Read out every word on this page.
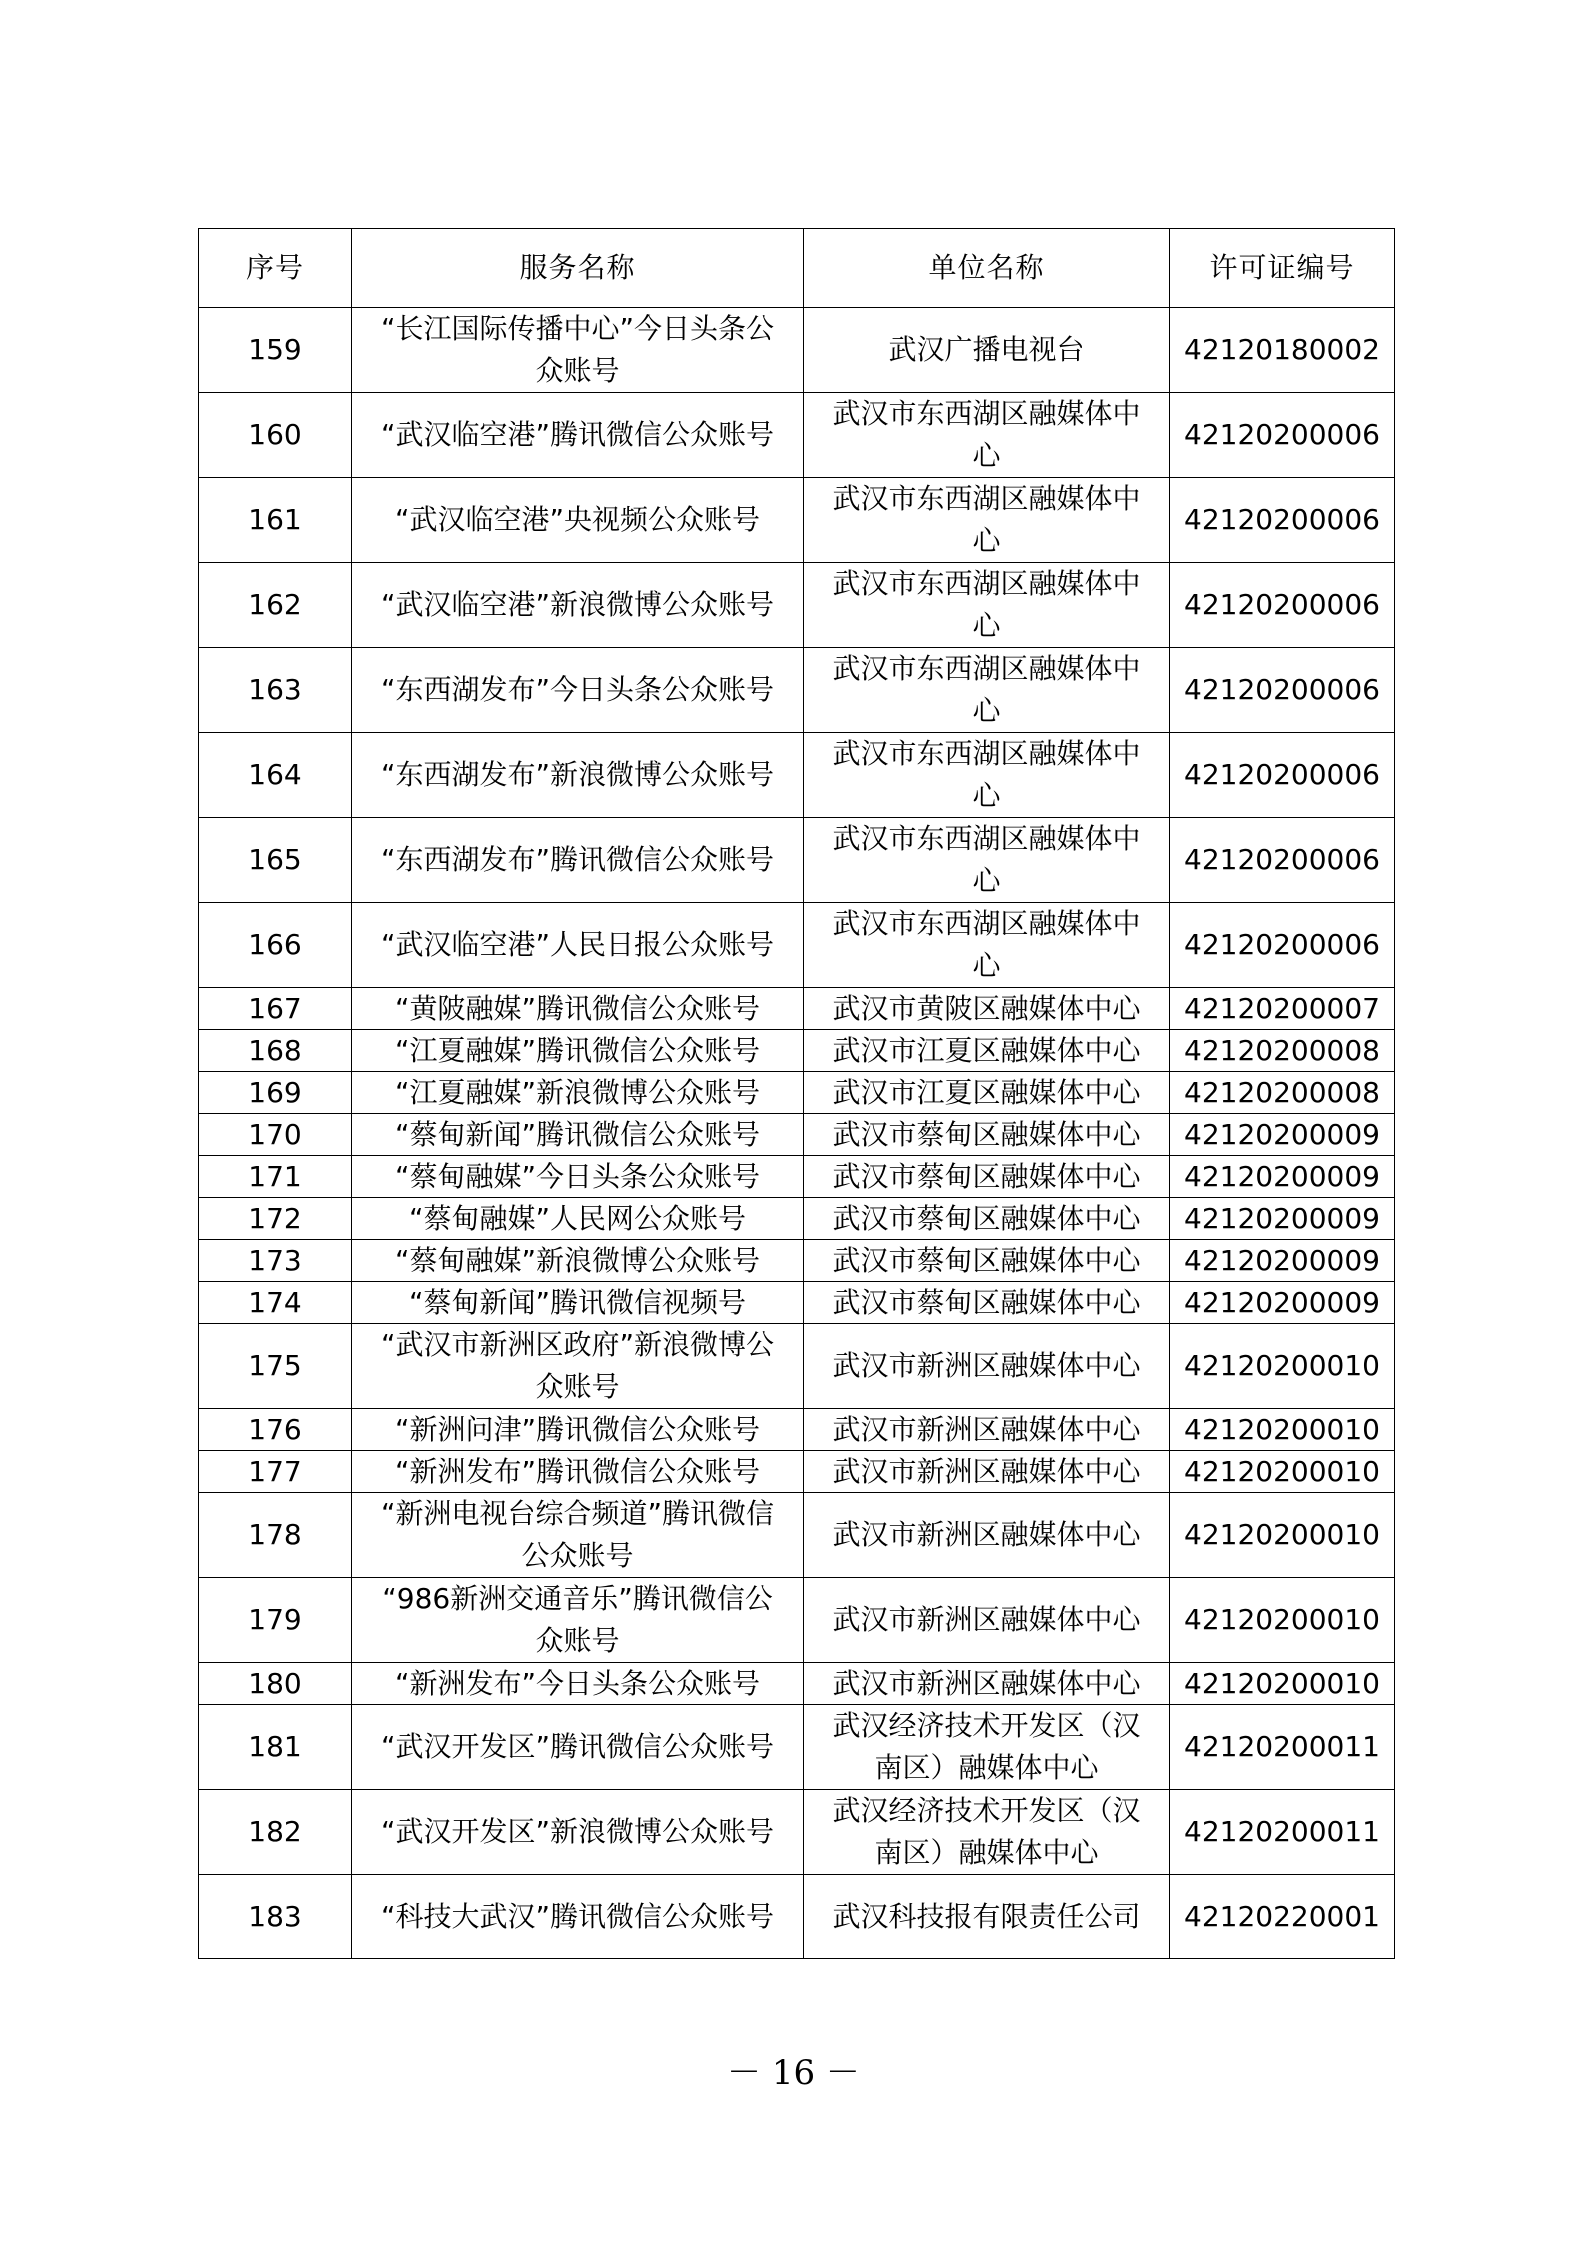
序号	服务名称	单位名称	许可证编号
159	“长江国际传播中心”今日头条公众账号	武汉广播电视台	42120180002
160	“武汉临空港”腾讯微信公众账号	武汉市东西湖区融媒体中心	42120200006
161	“武汉临空港”央视频公众账号	武汉市东西湖区融媒体中心	42120200006
162	“武汉临空港”新浪微博公众账号	武汉市东西湖区融媒体中心	42120200006
163	“东西湖发布”今日头条公众账号	武汉市东西湖区融媒体中心	42120200006
164	“东西湖发布”新浪微博公众账号	武汉市东西湖区融媒体中心	42120200006
165	“东西湖发布”腾讯微信公众账号	武汉市东西湖区融媒体中心	42120200006
166	“武汉临空港”人民日报公众账号	武汉市东西湖区融媒体中心	42120200006
167	“黄陂融媒”腾讯微信公众账号	武汉市黄陂区融媒体中心	42120200007
168	“江夏融媒”腾讯微信公众账号	武汉市江夏区融媒体中心	42120200008
169	“江夏融媒”新浪微博公众账号	武汉市江夏区融媒体中心	42120200008
170	“蔡甸新闻”腾讯微信公众账号	武汉市蔡甸区融媒体中心	42120200009
171	“蔡甸融媒”今日头条公众账号	武汉市蔡甸区融媒体中心	42120200009
172	“蔡甸融媒”人民网公众账号	武汉市蔡甸区融媒体中心	42120200009
173	“蔡甸融媒”新浪微博公众账号	武汉市蔡甸区融媒体中心	42120200009
174	“蔡甸新闻”腾讯微信视频号	武汉市蔡甸区融媒体中心	42120200009
175	“武汉市新洲区政府”新浪微博公众账号	武汉市新洲区融媒体中心	42120200010
176	“新洲问津”腾讯微信公众账号	武汉市新洲区融媒体中心	42120200010
177	“新洲发布”腾讯微信公众账号	武汉市新洲区融媒体中心	42120200010
178	“新洲电视台综合频道”腾讯微信公众账号	武汉市新洲区融媒体中心	42120200010
179	“986新洲交通音乐”腾讯微信公众账号	武汉市新洲区融媒体中心	42120200010
180	“新洲发布”今日头条公众账号	武汉市新洲区融媒体中心	42120200010
181	“武汉开发区”腾讯微信公众账号	武汉经济技术开发区（汉南区）融媒体中心	42120200011
182	“武汉开发区”新浪微博公众账号	武汉经济技术开发区（汉南区）融媒体中心	42120200011
183	“科技大武汉”腾讯微信公众账号	武汉科技报有限责任公司	42120220001
－ 16 －
